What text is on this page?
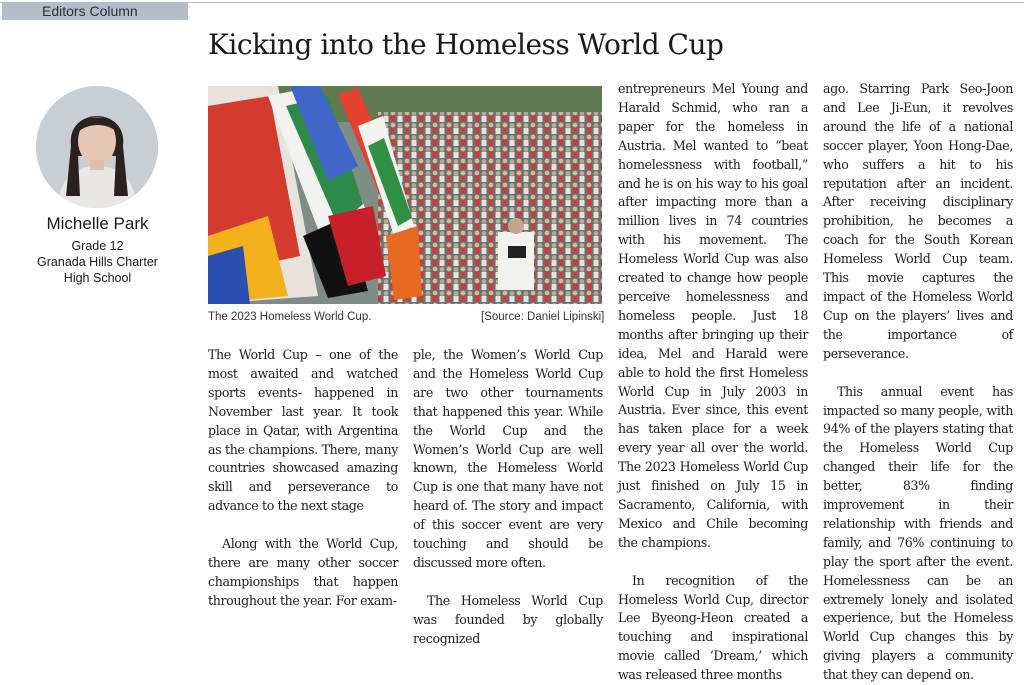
Editors Column
Kicking into the Homeless World Cup
Michelle Park
Grade 12
Granada Hills Charter
High School
The 2023 Homeless World Cup.	[Source: Daniel Lipinski]

The World Cup – one of the most awaited and watched sports events- happened in November last year. It took place in Qatar, with Argentina as the champions. There, many countries showcased amazing skill and perseverance to advance to the next stage

Along with the World Cup, there are many other soccer championships that happen throughout the year. For exam-

ple, the Women’s World Cup and the Homeless World Cup are two other tournaments that happened this year. While the World Cup and the Women’s World Cup are well known, the Homeless World Cup is one that many have not heard of. The story and impact of this soccer event are very touching and should be discussed more often.

The Homeless World Cup was founded by globally recognized

entrepreneurs Mel Young and Harald Schmid, who ran a paper for the homeless in Austria. Mel wanted to “beat homelessness with football,” and he is on his way to his goal after impacting more than a million lives in 74 countries with his movement. The Homeless World Cup was also created to change how people perceive homelessness and homeless people. Just 18 months after bringing up their idea, Mel and Harald were able to hold the first Homeless World Cup in July 2003 in Austria. Ever since, this event has taken place for a week every year all over the world. The 2023 Homeless World Cup just finished on July 15 in Sacramento, California, with Mexico and Chile becoming the champions.

In recognition of the Homeless World Cup, director Lee Byeong-Heon created a touching and inspirational movie called ‘Dream,’ which was released three months

ago. Starring Park Seo-Joon and Lee Ji-Eun, it revolves around the life of a national soccer player, Yoon Hong-Dae, who suffers a hit to his reputation after an incident. After receiving disciplinary prohibition, he becomes a coach for the South Korean Homeless World Cup team. This movie captures the impact of the Homeless World Cup on the players’ lives and the importance of perseverance.

This annual event has impacted so many people, with 94% of the players stating that the Homeless World Cup changed their life for the better, 83% finding improvement in their relationship with friends and family, and 76% continuing to play the sport after the event. Homelessness can be an extremely lonely and isolated experience, but the Homeless World Cup changes this by giving players a community that they can depend on.
